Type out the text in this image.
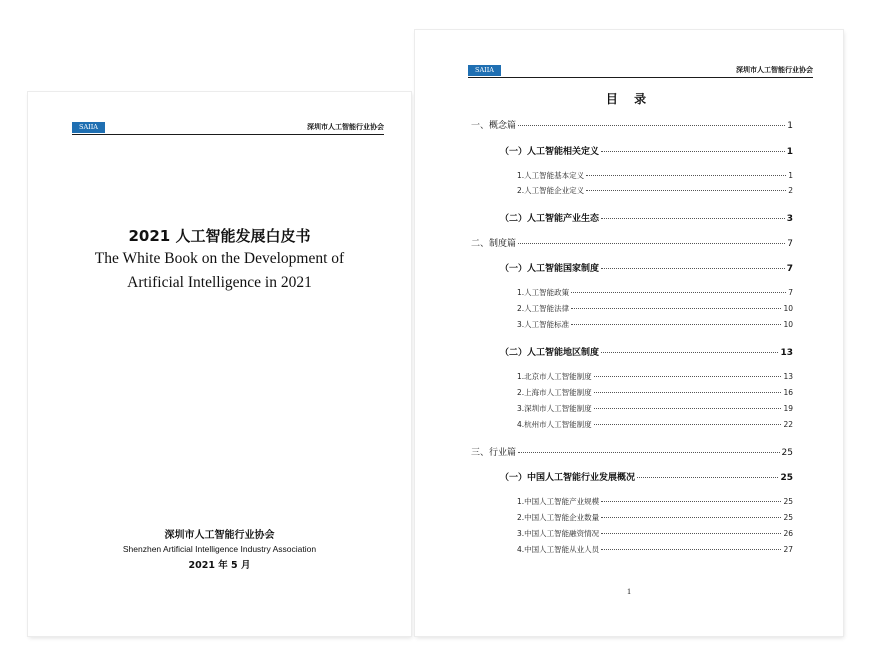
SAIIA	深圳市人工智能行业协会
2021 人工智能发展白皮书
The White Book on the Development of
Artificial Intelligence in 2021
深圳市人工智能行业协会
Shenzhen Artificial Intelligence Industry Association
2021 年 5 月
SAIIA	深圳市人工智能行业协会
目 录
一、概念篇	1
（一）人工智能相关定义	1
1.人工智能基本定义	1
2.人工智能企业定义	2
（二）人工智能产业生态	3
二、制度篇	7
（一）人工智能国家制度	7
1.人工智能政策	7
2.人工智能法律	10
3.人工智能标准	10
（二）人工智能地区制度	13
1.北京市人工智能制度	13
2.上海市人工智能制度	16
3.深圳市人工智能制度	19
4.杭州市人工智能制度	22
三、行业篇	25
（一）中国人工智能行业发展概况	25
1.中国人工智能产业规模	25
2.中国人工智能企业数量	25
3.中国人工智能融资情况	26
4.中国人工智能从业人员	27
1
